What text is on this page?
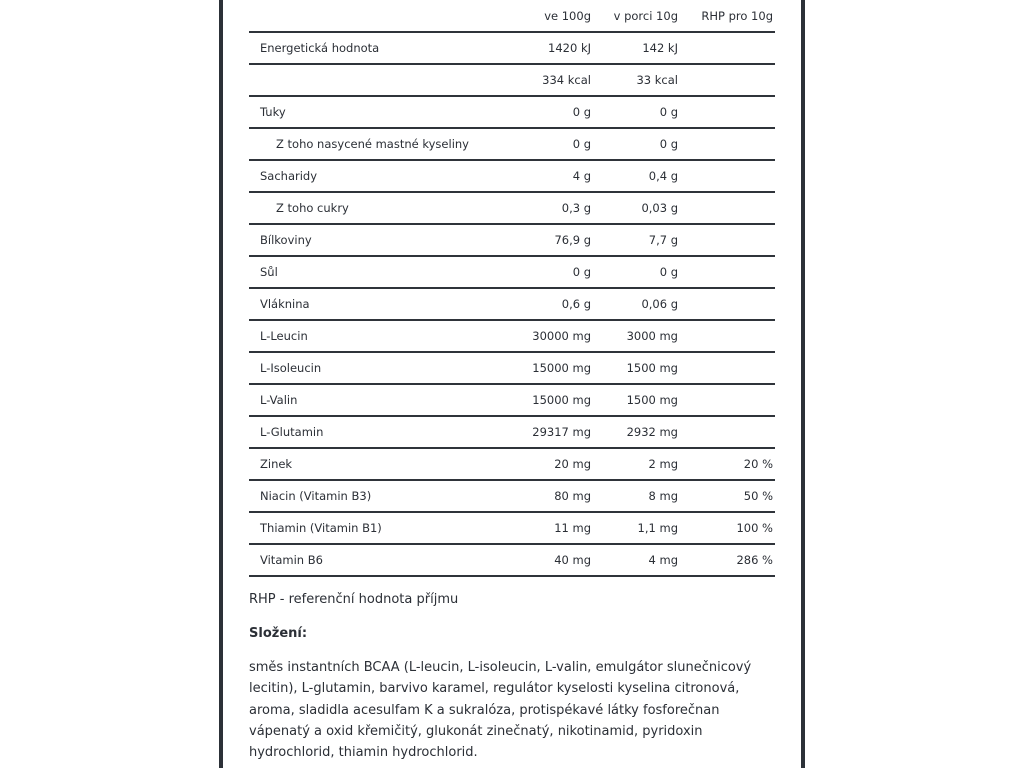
	ve 100g	v porci 10g	RHP pro 10g
Energetická hodnota	1420 kJ	142 kJ	
	334 kcal	33 kcal	
Tuky	0 g	0 g	
Z toho nasycené mastné kyseliny	0 g	0 g	
Sacharidy	4 g	0,4 g	
Z toho cukry	0,3 g	0,03 g	
Bílkoviny	76,9 g	7,7 g	
Sůl	0 g	0 g	
Vláknina	0,6 g	0,06 g	
L-Leucin	30000 mg	3000 mg	
L-Isoleucin	15000 mg	1500 mg	
L-Valin	15000 mg	1500 mg	
L-Glutamin	29317 mg	2932 mg	
Zinek	20 mg	2 mg	20 %
Niacin (Vitamin B3)	80 mg	8 mg	50 %
Thiamin (Vitamin B1)	11 mg	1,1 mg	100 %
Vitamin B6	40 mg	4 mg	286 %

RHP - referenční hodnota příjmu

Složení:

směs instantních BCAA (L-leucin, L-isoleucin, L-valin, emulgátor slunečnicový lecitin), L-glutamin, barvivo karamel, regulátor kyselosti kyselina citronová, aroma, sladidla acesulfam K a sukralóza, protispékavé látky fosforečnan vápenatý a oxid křemičitý, glukonát zinečnatý, nikotinamid, pyridoxin hydrochlorid, thiamin hydrochlorid.
